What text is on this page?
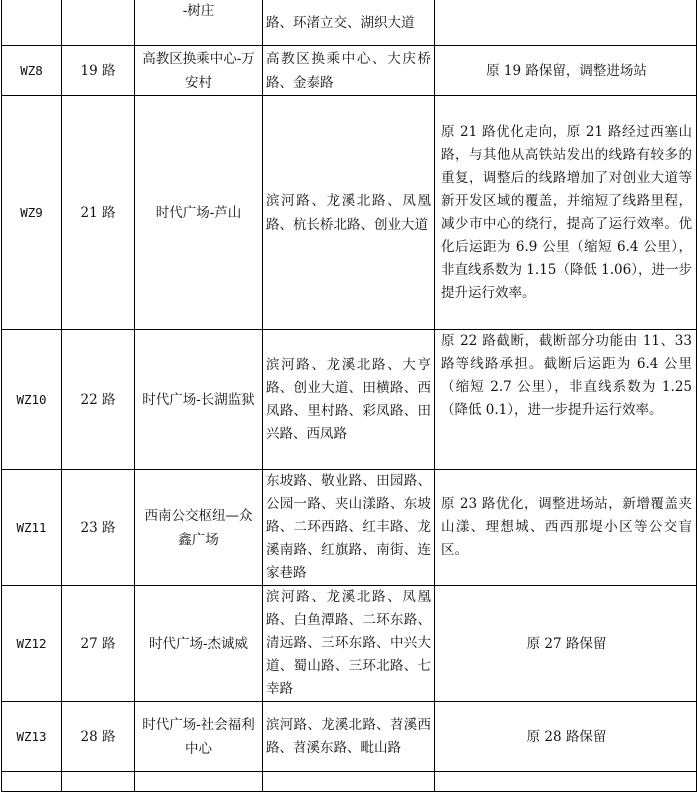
		-树庄	路、环渚立交、湖织大道	
WZ8	19 路	高教区换乘中心-万安村	高教区换乘中心、大庆桥路、金泰路	原 19 路保留，调整进场站
WZ9	21 路	时代广场-芦山	滨河路、龙溪北路、凤凰路、杭长桥北路、创业大道	原 21 路优化走向，原 21 路经过西塞山路，与其他从高铁站发出的线路有较多的重复，调整后的线路增加了对创业大道等新开发区域的覆盖，并缩短了线路里程，减少市中心的绕行，提高了运行效率。优化后运距为 6.9 公里（缩短 6.4 公里），非直线系数为 1.15（降低 1.06），进一步提升运行效率。
WZ10	22 路	时代广场-长湖监狱	滨河路、龙溪北路、大亨路、创业大道、田横路、西凤路、里村路、彩凤路、田兴路、西凤路	原 22 路截断，截断部分功能由 11、33 路等线路承担。截断后运距为 6.4 公里（缩短 2.7 公里），非直线系数为 1.25（降低 0.1），进一步提升运行效率。
WZ11	23 路	西南公交枢纽—众鑫广场	东坡路、敬业路、田园路、公园一路、夹山漾路、东坡路、二环西路、红丰路、龙溪南路、红旗路、南街、连家巷路	原 23 路优化，调整进场站，新增覆盖夹山漾、理想城、西西那堤小区等公交盲区。
WZ12	27 路	时代广场-杰诚威	滨河路、龙溪北路、凤凰路、白鱼潭路、二环东路、清远路、三环东路、中兴大道、蜀山路、三环北路、七幸路	原 27 路保留
WZ13	28 路	时代广场-社会福利中心	滨河路、龙溪北路、苕溪西路、苕溪东路、毗山路	原 28 路保留
